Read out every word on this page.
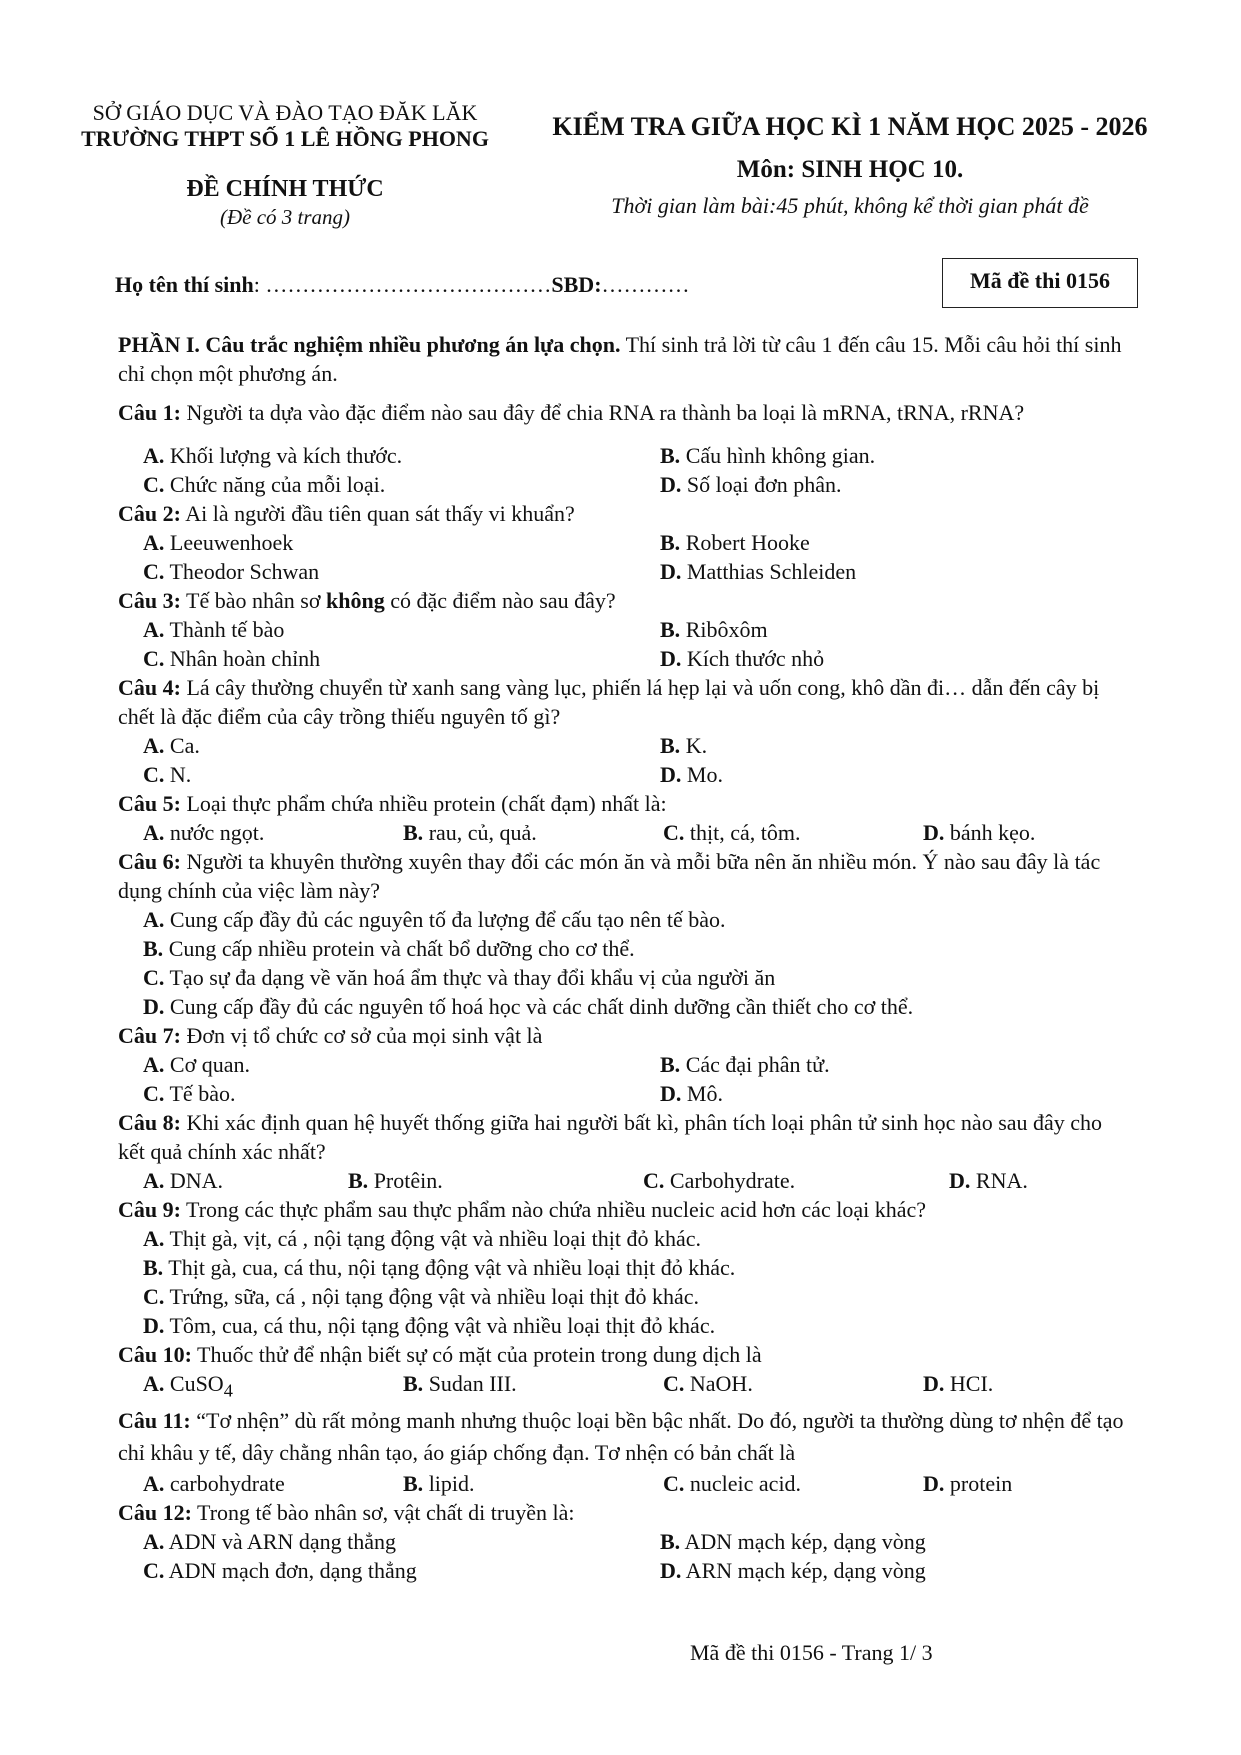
SỞ GIÁO DỤC VÀ ĐÀO TẠO ĐĂK LĂK
TRƯỜNG THPT SỐ 1 LÊ HỒNG PHONG
ĐỀ CHÍNH THỨC
(Đề có 3 trang)
KIỂM TRA GIỮA HỌC KÌ 1 NĂM HỌC 2025 - 2026
Môn: SINH HỌC 10.
Thời gian làm bài:45 phút, không kể thời gian phát đề
Họ tên thí sinh: …………………………………SBD:…………	Mã đề thi 0156

PHẦN I. Câu trắc nghiệm nhiều phương án lựa chọn. Thí sinh trả lời từ câu 1 đến câu 15. Mỗi câu hỏi thí sinh chỉ chọn một phương án.

Câu 1: Người ta dựa vào đặc điểm nào sau đây để chia RNA ra thành ba loại là mRNA, tRNA, rRNA?

A. Khối lượng và kích thước.	B. Cấu hình không gian.
C. Chức năng của mỗi loại.	D. Số loại đơn phân.

Câu 2: Ai là người đầu tiên quan sát thấy vi khuẩn?

A. Leeuwenhoek	B. Robert Hooke
C. Theodor Schwan	D. Matthias Schleiden

Câu 3: Tế bào nhân sơ không có đặc điểm nào sau đây?

A. Thành tế bào	B. Ribôxôm
C. Nhân hoàn chỉnh	D. Kích thước nhỏ

Câu 4: Lá cây thường chuyển từ xanh sang vàng lục, phiến lá hẹp lại và uốn cong, khô dần đi… dẫn đến cây bị chết là đặc điểm của cây trồng thiếu nguyên tố gì?

A. Ca.	B. K.
C. N.	D. Mo.

Câu 5: Loại thực phẩm chứa nhiều protein (chất đạm) nhất là:

A. nước ngọt.	B. rau, củ, quả.	C. thịt, cá, tôm.	D. bánh kẹo.

Câu 6: Người ta khuyên thường xuyên thay đổi các món ăn và mỗi bữa nên ăn nhiều món. Ý nào sau đây là tác dụng chính của việc làm này?

A. Cung cấp đầy đủ các nguyên tố đa lượng để cấu tạo nên tế bào.
B. Cung cấp nhiều protein và chất bổ dưỡng cho cơ thể.
C. Tạo sự đa dạng về văn hoá ẩm thực và thay đổi khẩu vị của người ăn
D. Cung cấp đầy đủ các nguyên tố hoá học và các chất dinh dưỡng cần thiết cho cơ thể.

Câu 7: Đơn vị tổ chức cơ sở của mọi sinh vật là

A. Cơ quan.	B. Các đại phân tử.
C. Tế bào.	D. Mô.

Câu 8: Khi xác định quan hệ huyết thống giữa hai người bất kì, phân tích loại phân tử sinh học nào sau đây cho kết quả chính xác nhất?

A. DNA.	B. Protêin.	C. Carbohydrate.	D. RNA.

Câu 9: Trong các thực phẩm sau thực phẩm nào chứa nhiều nucleic acid hơn các loại khác?

A. Thịt gà, vịt, cá , nội tạng động vật và nhiều loại thịt đỏ khác.
B. Thịt gà, cua, cá thu, nội tạng động vật và nhiều loại thịt đỏ khác.
C. Trứng, sữa, cá , nội tạng động vật và nhiều loại thịt đỏ khác.
D. Tôm, cua, cá thu, nội tạng động vật và nhiều loại thịt đỏ khác.

Câu 10: Thuốc thử để nhận biết sự có mặt của protein trong dung dịch là

A. CuSO$_4$	B. Sudan III.	C. NaOH.	D. HCI.

Câu 11: “Tơ nhện” dù rất mỏng manh nhưng thuộc loại bền bậc nhất. Do đó, người ta thường dùng tơ nhện để tạo chỉ khâu y tế, dây chằng nhân tạo, áo giáp chống đạn. Tơ nhện có bản chất là

A. carbohydrate	B. lipid.	C. nucleic acid.	D. protein

Câu 12: Trong tế bào nhân sơ, vật chất di truyền là:

A. ADN và ARN dạng thẳng	B. ADN mạch kép, dạng vòng
C. ADN mạch đơn, dạng thẳng	D. ARN mạch kép, dạng vòng
Mã đề thi 0156 - Trang 1/ 3
